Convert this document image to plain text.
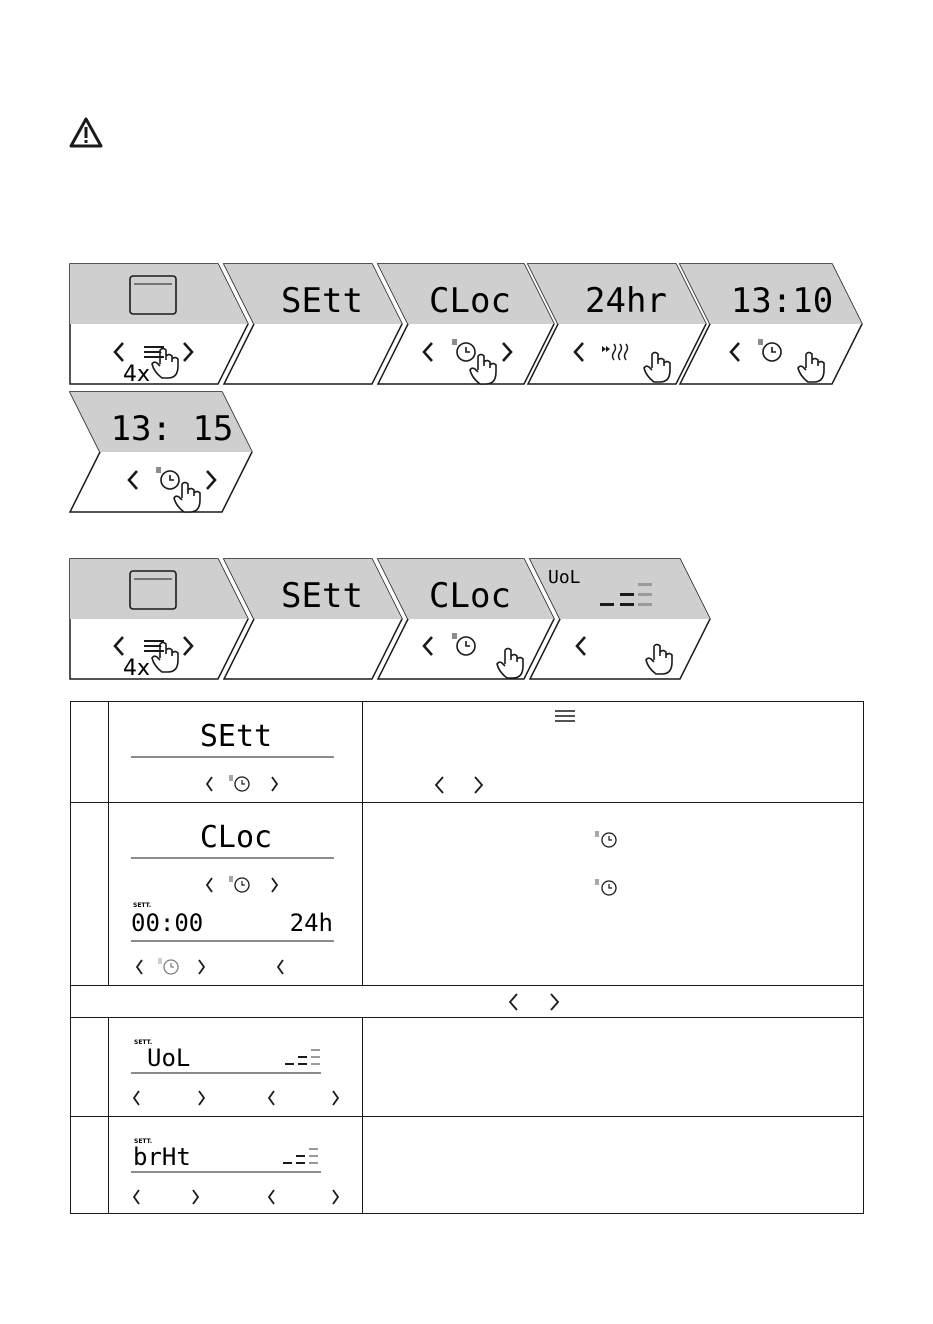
4x
SEtt CLoc 24hr 13:10
13: 15
4x
SEtt CLoc UoL

SEtt

CLoc
SETT.
00:00 24h

SETT.
UoL	

SETT.
brHt	
